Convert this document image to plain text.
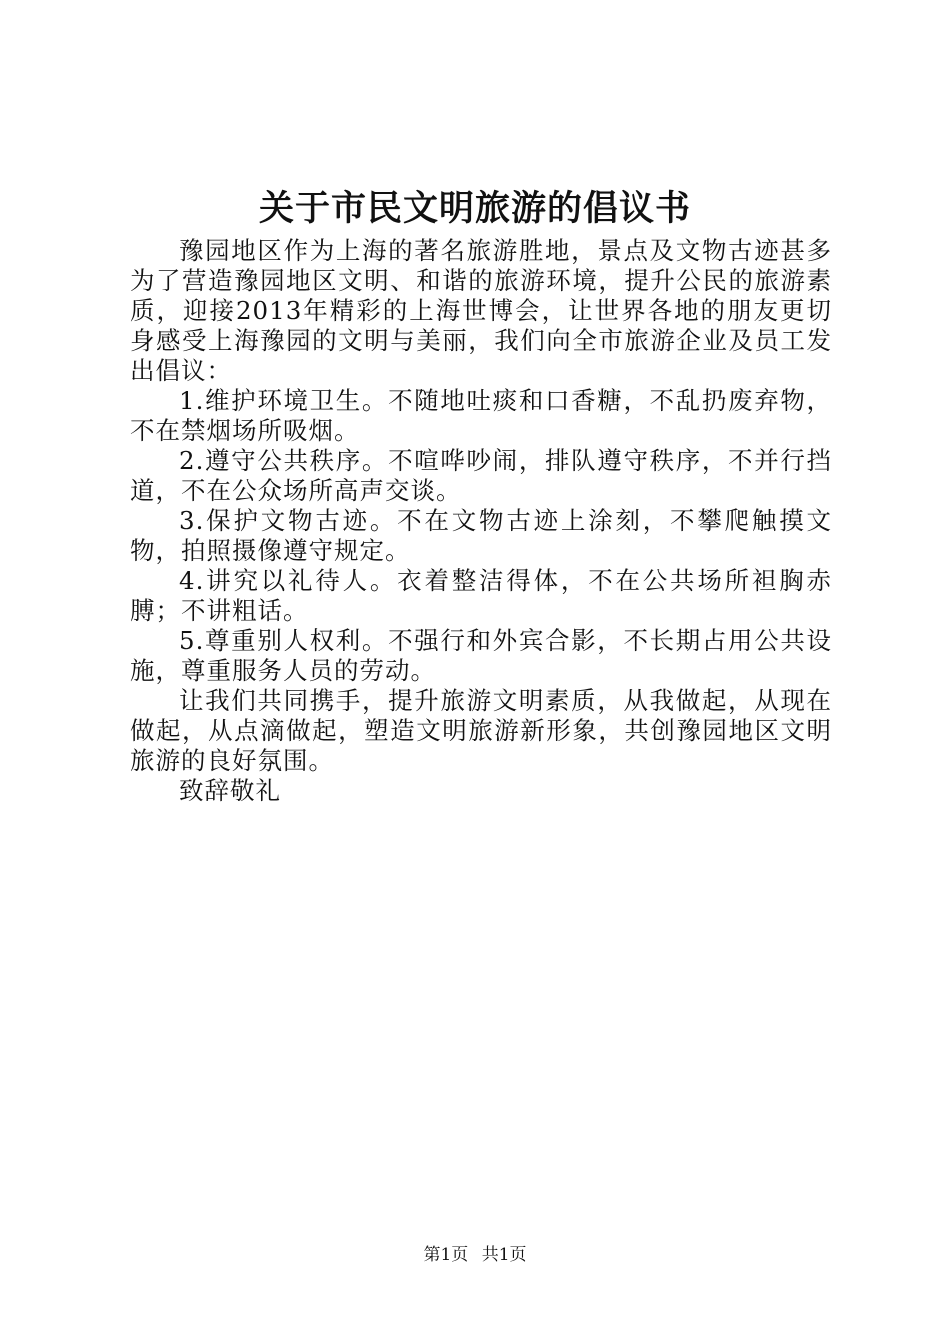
关于市民文明旅游的倡议书

豫园地区作为上海的著名旅游胜地，景点及文物古迹甚多为了营造豫园地区文明、和谐的旅游环境，提升公民的旅游素质，迎接2013年精彩的上海世博会，让世界各地的朋友更切身感受上海豫园的文明与美丽，我们向全市旅游企业及员工发出倡议：

1.维护环境卫生。不随地吐痰和口香糖，不乱扔废弃物，不在禁烟场所吸烟。

2.遵守公共秩序。不喧哗吵闹，排队遵守秩序，不并行挡道，不在公众场所高声交谈。

3.保护文物古迹。不在文物古迹上涂刻，不攀爬触摸文物，拍照摄像遵守规定。

4.讲究以礼待人。衣着整洁得体，不在公共场所袒胸赤膊；不讲粗话。

5.尊重别人权利。不强行和外宾合影，不长期占用公共设施，尊重服务人员的劳动。

让我们共同携手，提升旅游文明素质，从我做起，从现在做起，从点滴做起，塑造文明旅游新形象，共创豫园地区文明旅游的良好氛围。

致辞敬礼

第1页 共1页
